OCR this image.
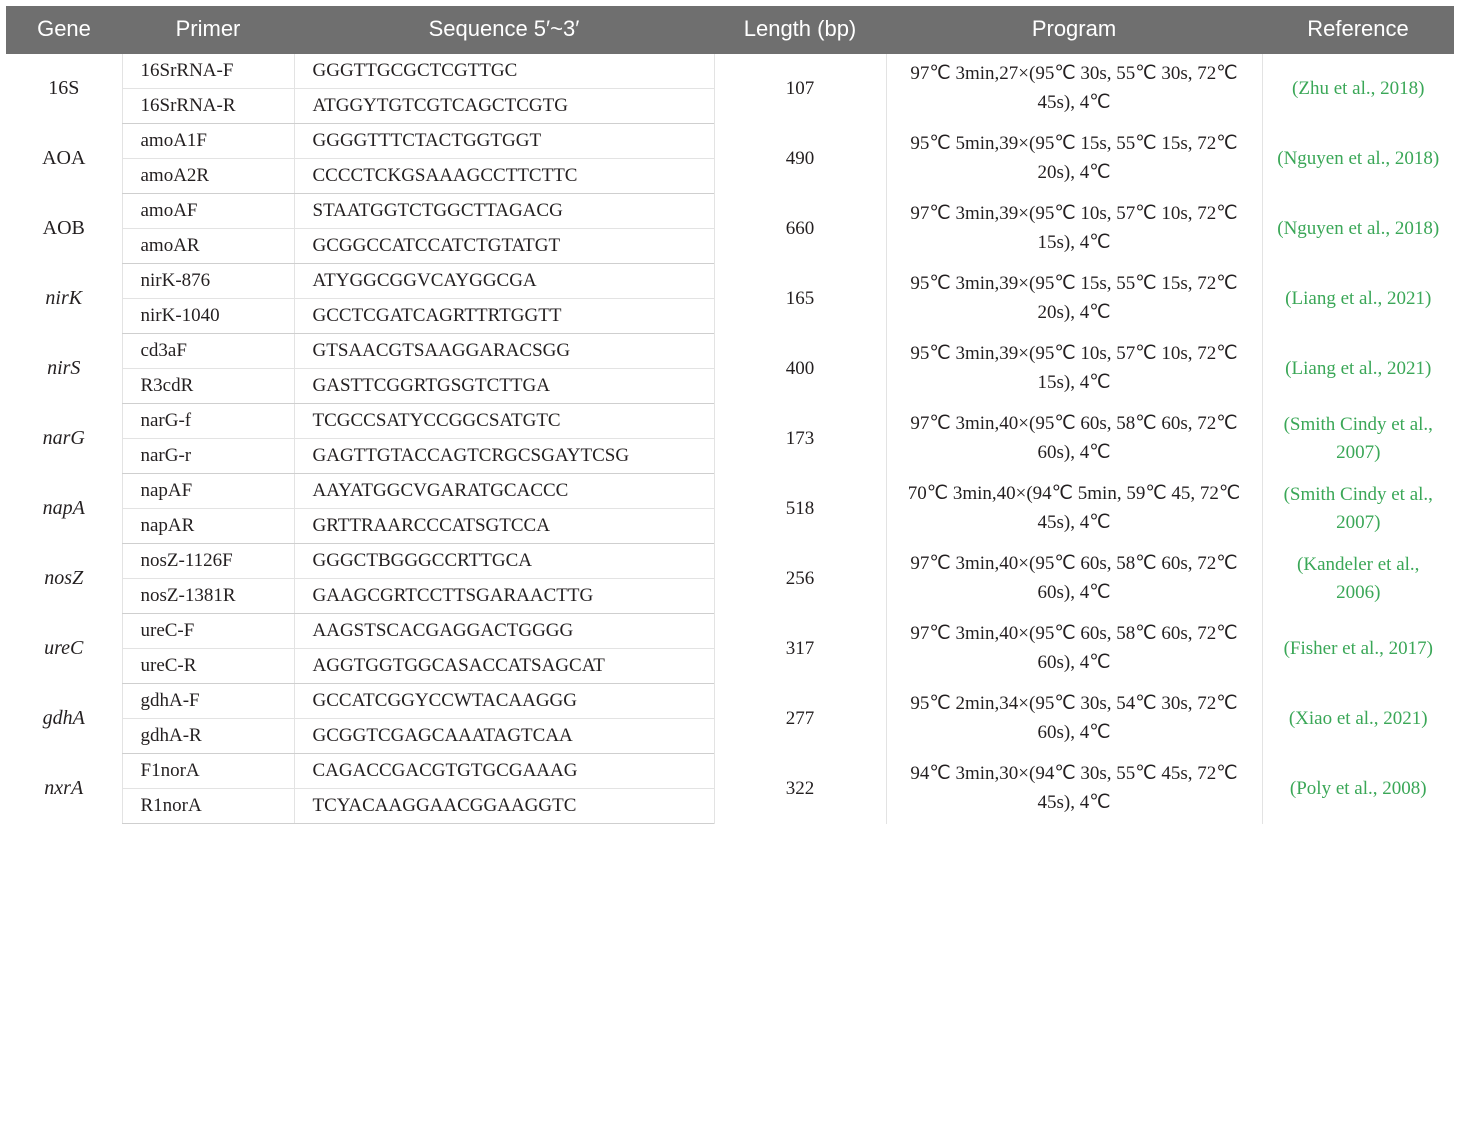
Gene	Primer	Sequence 5′~3′	Length (bp)	Program	Reference
16S	16SrRNA-F	GGGTTGCGCTCGTTGC	107	97℃ 3min,27×(95℃ 30s, 55℃ 30s, 72℃ 45s), 4℃	(Zhu et al., 2018)
	16SrRNA-R	ATGGYTGTCGTCAGCTCGTG			
AOA	amoA1F	GGGGTTTCTACTGGTGGT	490	95℃ 5min,39×(95℃ 15s, 55℃ 15s, 72℃ 20s), 4℃	(Nguyen et al., 2018)
	amoA2R	CCCCTCKGSAAAGCCTTCTTC			
AOB	amoAF	STAATGGTCTGGCTTAGACG	660	97℃ 3min,39×(95℃ 10s, 57℃ 10s, 72℃ 15s), 4℃	(Nguyen et al., 2018)
	amoAR	GCGGCCATCCATCTGTATGT			
nirK	nirK-876	ATYGGCGGVCAYGGCGA	165	95℃ 3min,39×(95℃ 15s, 55℃ 15s, 72℃ 20s), 4℃	(Liang et al., 2021)
	nirK-1040	GCCTCGATCAGRTTRTGGTT			
nirS	cd3aF	GTSAACGTSAAGGARACSGG	400	95℃ 3min,39×(95℃ 10s, 57℃ 10s, 72℃ 15s), 4℃	(Liang et al., 2021)
	R3cdR	GASTTCGGRTGSGTCTTGA			
narG	narG-f	TCGCCSATYCCGGCSATGTC	173	97℃ 3min,40×(95℃ 60s, 58℃ 60s, 72℃ 60s), 4℃	(Smith Cindy et al., 2007)
	narG-r	GAGTTGTACCAGTCRGCSGAYTCSG			
napA	napAF	AAYATGGCVGARATGCACCC	518	70℃ 3min,40×(94℃ 5min, 59℃ 45, 72℃ 45s), 4℃	(Smith Cindy et al., 2007)
	napAR	GRTTRAARCCCATSGTCCA			
nosZ	nosZ-1126F	GGGCTBGGGCCRTTGCA	256	97℃ 3min,40×(95℃ 60s, 58℃ 60s, 72℃ 60s), 4℃	(Kandeler et al., 2006)
	nosZ-1381R	GAAGCGRTCCTTSGARAACTTG			
ureC	ureC-F	AAGSTSCACGAGGACTGGGG	317	97℃ 3min,40×(95℃ 60s, 58℃ 60s, 72℃ 60s), 4℃	(Fisher et al., 2017)
	ureC-R	AGGTGGTGGCASACCATSAGCAT			
gdhA	gdhA-F	GCCATCGGYCCWTACAAGGG	277	95℃ 2min,34×(95℃ 30s, 54℃ 30s, 72℃ 60s), 4℃	(Xiao et al., 2021)
	gdhA-R	GCGGTCGAGCAAATAGTCAA			
nxrA	F1norA	CAGACCGACGTGTGCGAAAG	322	94℃ 3min,30×(94℃ 30s, 55℃ 45s, 72℃ 45s), 4℃	(Poly et al., 2008)
	R1norA	TCYACAAGGAACGGAAGGTC			
